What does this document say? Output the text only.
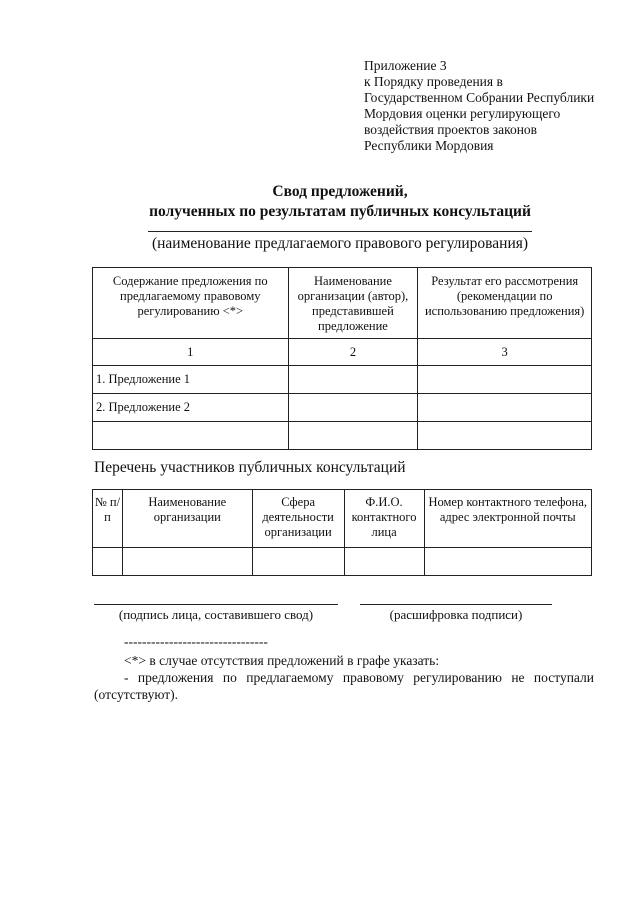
Приложение 3
к Порядку проведения в
Государственном Собрании Республики
Мордовия оценки регулирующего
воздействия проектов законов
Республики Мордовия
Свод предложений,
полученных по результатам публичных консультаций
(наименование предлагаемого правового регулирования)
Содержание предложения по предлагаемому правовому регулированию <*>	Наименование организации (автор), представившей предложение	Результат его рассмотрения (рекомендации по использованию предложения)
1	2	3
1. Предложение 1		
2. Предложение 2		

Перечень участников публичных консультаций
№ п/п	Наименование организации	Сфера деятельности организации	Ф.И.О. контактного лица	Номер контактного телефона, адрес электронной почты

(подпись лица, составившего свод)	(расшифровка подписи)
--------------------------------
<*> в случае отсутствия предложений в графе указать:
- предложения по предлагаемому правовому регулированию не поступали (отсутствуют).
